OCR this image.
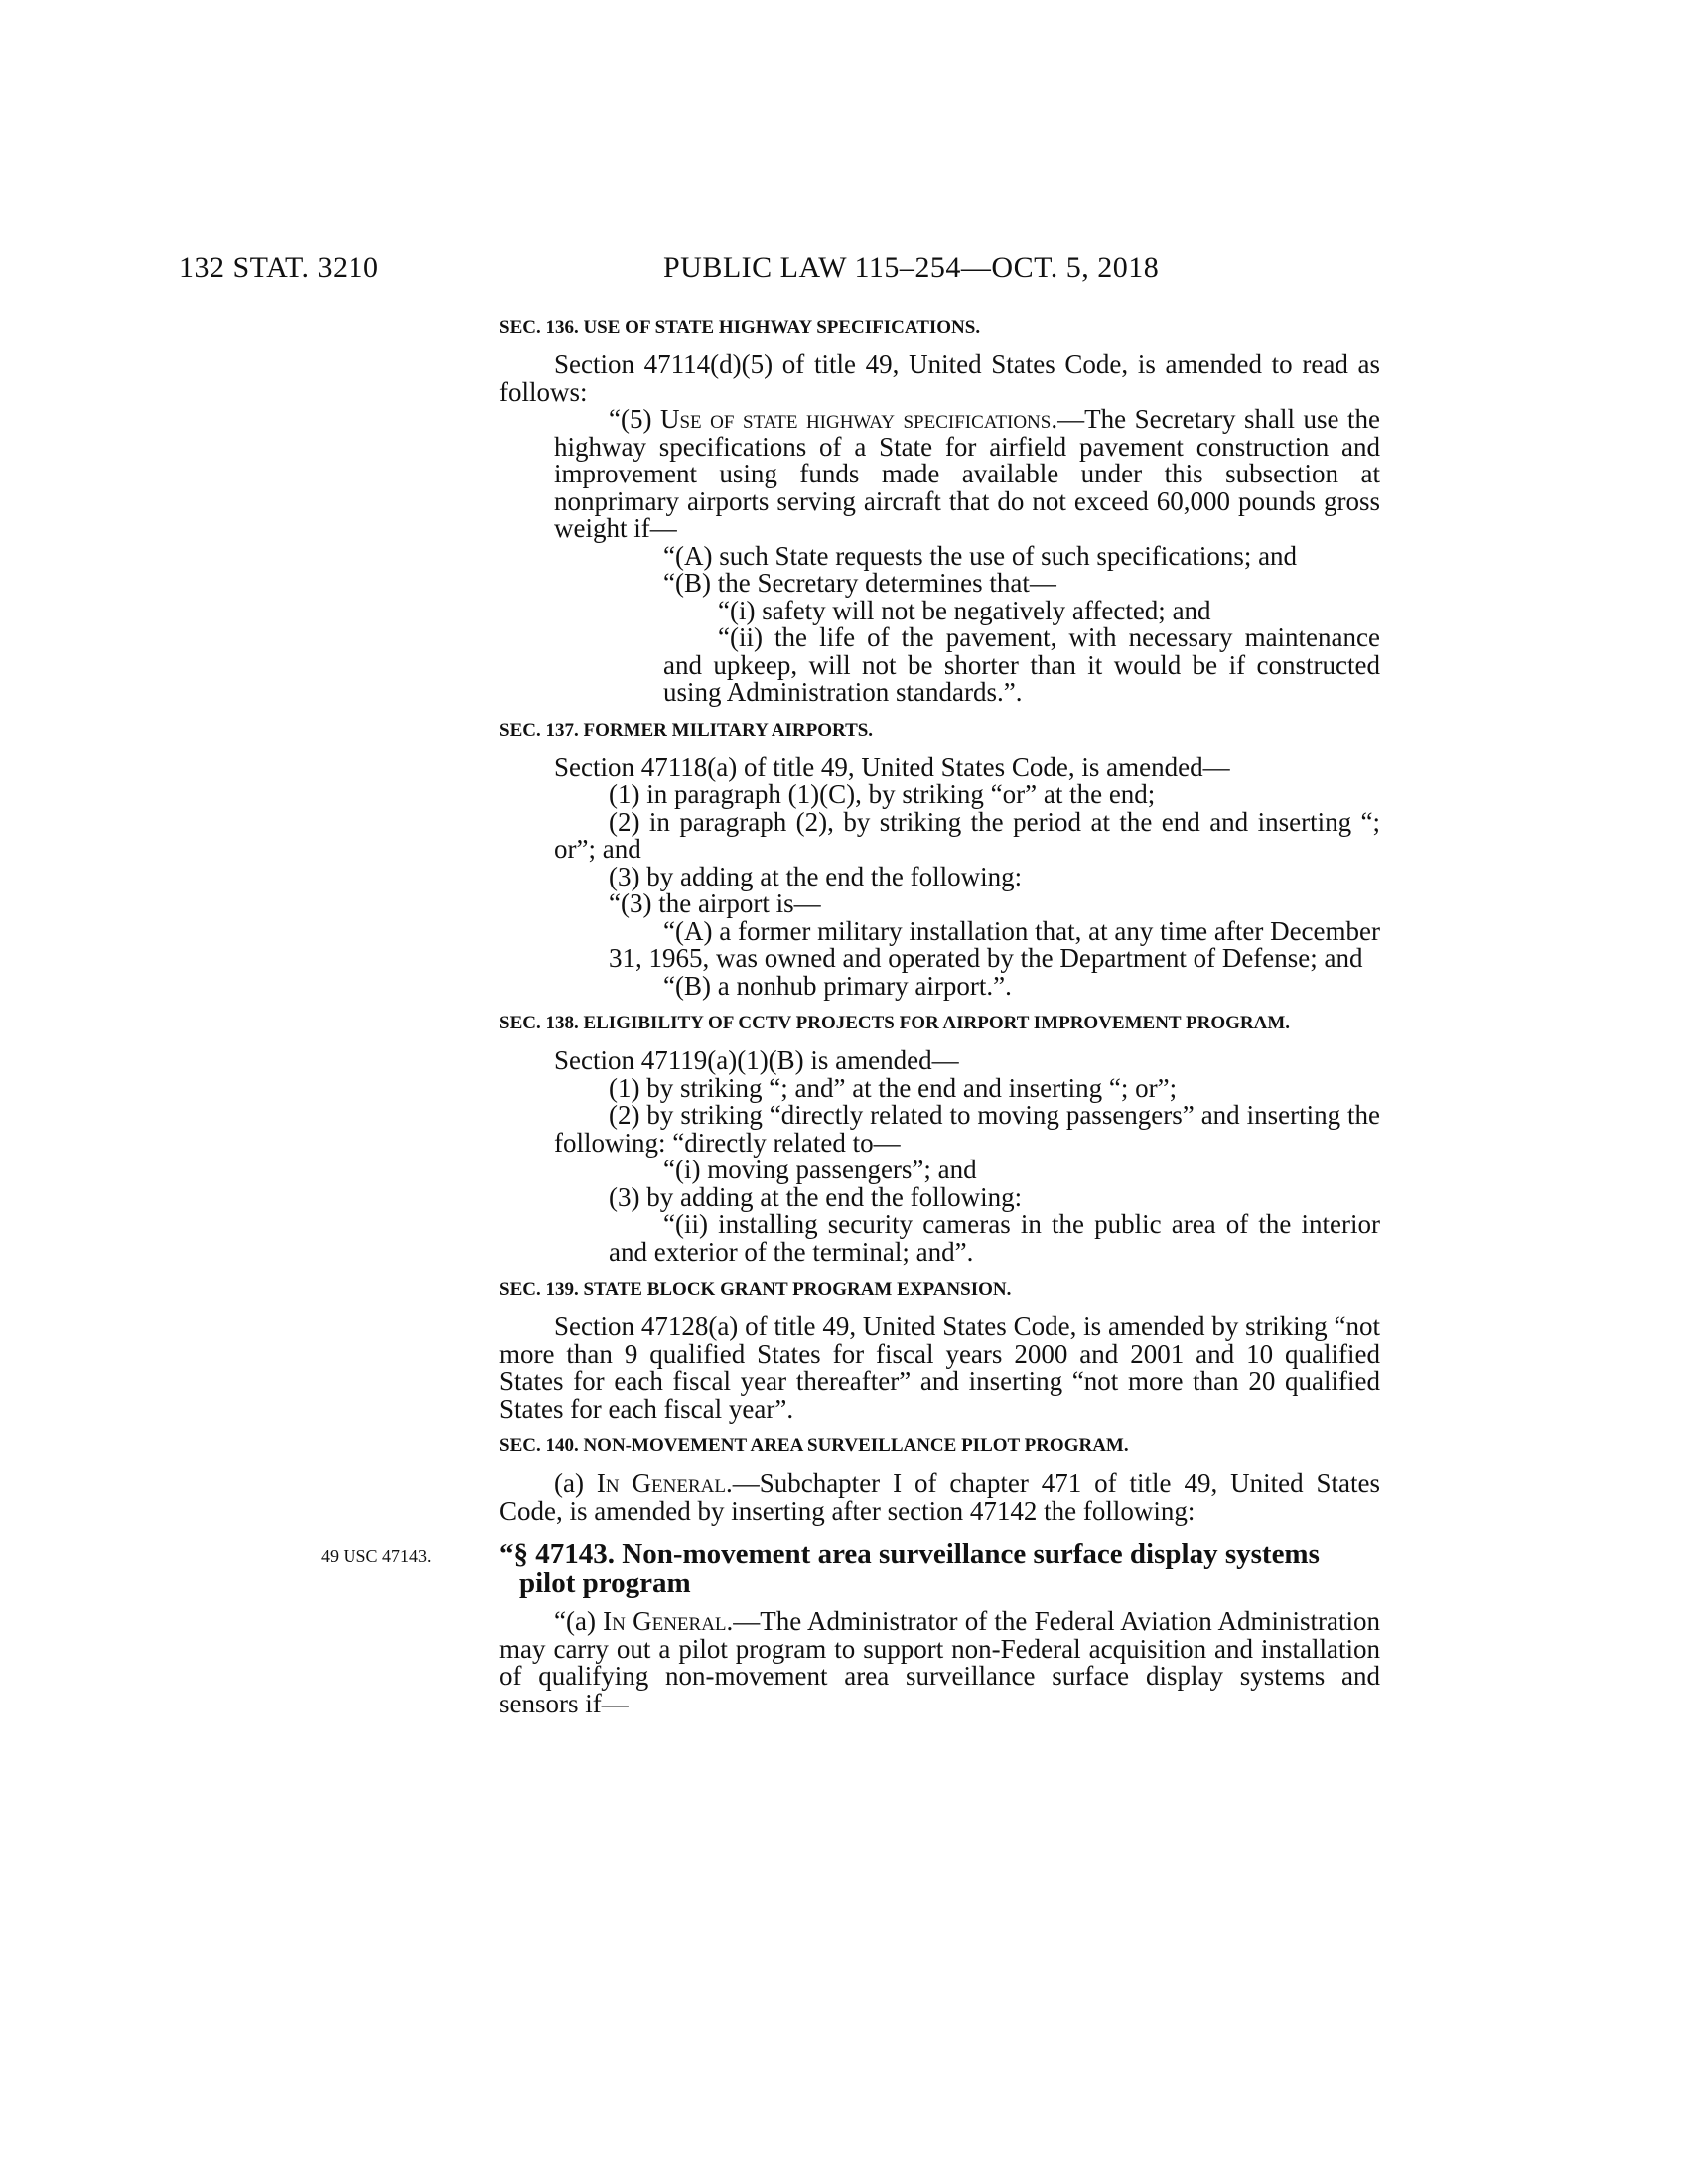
132 STAT. 3210	PUBLIC LAW 115–254—OCT. 5, 2018
SEC. 136. USE OF STATE HIGHWAY SPECIFICATIONS.

Section 47114(d)(5) of title 49, United States Code, is amended to read as follows:

“(5) Use of state highway specifications.—The Secretary shall use the highway specifications of a State for airfield pavement construction and improvement using funds made available under this subsection at nonprimary airports serving aircraft that do not exceed 60,000 pounds gross weight if—

“(A) such State requests the use of such specifications; and

“(B) the Secretary determines that—

“(i) safety will not be negatively affected; and

“(ii) the life of the pavement, with necessary maintenance and upkeep, will not be shorter than it would be if constructed using Administration standards.”.

SEC. 137. FORMER MILITARY AIRPORTS.

Section 47118(a) of title 49, United States Code, is amended—

(1) in paragraph (1)(C), by striking “or” at the end;

(2) in paragraph (2), by striking the period at the end and inserting “; or”; and

(3) by adding at the end the following:

“(3) the airport is—

“(A) a former military installation that, at any time after December 31, 1965, was owned and operated by the Department of Defense; and

“(B) a nonhub primary airport.”.

SEC. 138. ELIGIBILITY OF CCTV PROJECTS FOR AIRPORT IMPROVEMENT PROGRAM.

Section 47119(a)(1)(B) is amended—

(1) by striking “; and” at the end and inserting “; or”;

(2) by striking “directly related to moving passengers” and inserting the following: “directly related to—

“(i) moving passengers”; and

(3) by adding at the end the following:

“(ii) installing security cameras in the public area of the interior and exterior of the terminal; and”.

SEC. 139. STATE BLOCK GRANT PROGRAM EXPANSION.

Section 47128(a) of title 49, United States Code, is amended by striking “not more than 9 qualified States for fiscal years 2000 and 2001 and 10 qualified States for each fiscal year thereafter” and inserting “not more than 20 qualified States for each fiscal year”.

SEC. 140. NON-MOVEMENT AREA SURVEILLANCE PILOT PROGRAM.

(a) In General.—Subchapter I of chapter 471 of title 49, United States Code, is amended by inserting after section 47142 the following:

49 USC 47143.	“§ 47143. Non-movement area surveillance surface display systems pilot program

“(a) In General.—The Administrator of the Federal Aviation Administration may carry out a pilot program to support non-Federal acquisition and installation of qualifying non-movement area surveillance surface display systems and sensors if—
